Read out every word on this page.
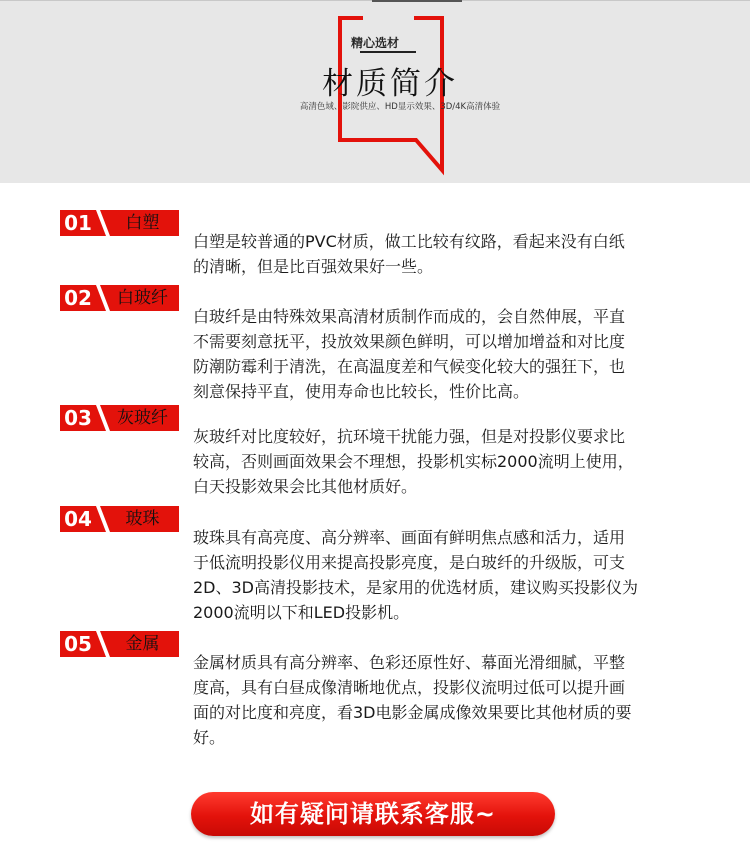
精心选材
材质简介
高清色域、影院供应、HD显示效果、3D/4K高清体验
01	白塑
白塑是较普通的PVC材质，做工比较有纹路，看起来没有白纸
的清晰，但是比百强效果好一些。
02	白玻纤
白玻纤是由特殊效果高清材质制作而成的，会自然伸展，平直
不需要刻意抚平，投放效果颜色鲜明，可以增加增益和对比度
防潮防霉利于清洗，在高温度差和气候变化较大的强狂下，也
刻意保持平直，使用寿命也比较长，性价比高。
03	灰玻纤
灰玻纤对比度较好，抗环境干扰能力强，但是对投影仪要求比
较高，否则画面效果会不理想，投影机实标2000流明上使用，
白天投影效果会比其他材质好。
04	玻珠
玻珠具有高亮度、高分辨率、画面有鲜明焦点感和活力，适用
于低流明投影仪用来提高投影亮度，是白玻纤的升级版，可支
2D、3D高清投影技术，是家用的优选材质，建议购买投影仪为
2000流明以下和LED投影机。
05	金属
金属材质具有高分辨率、色彩还原性好、幕面光滑细腻，平整
度高，具有白昼成像清晰地优点，投影仪流明过低可以提升画
面的对比度和亮度，看3D电影金属成像效果要比其他材质的要
好。
如有疑问请联系客服~
